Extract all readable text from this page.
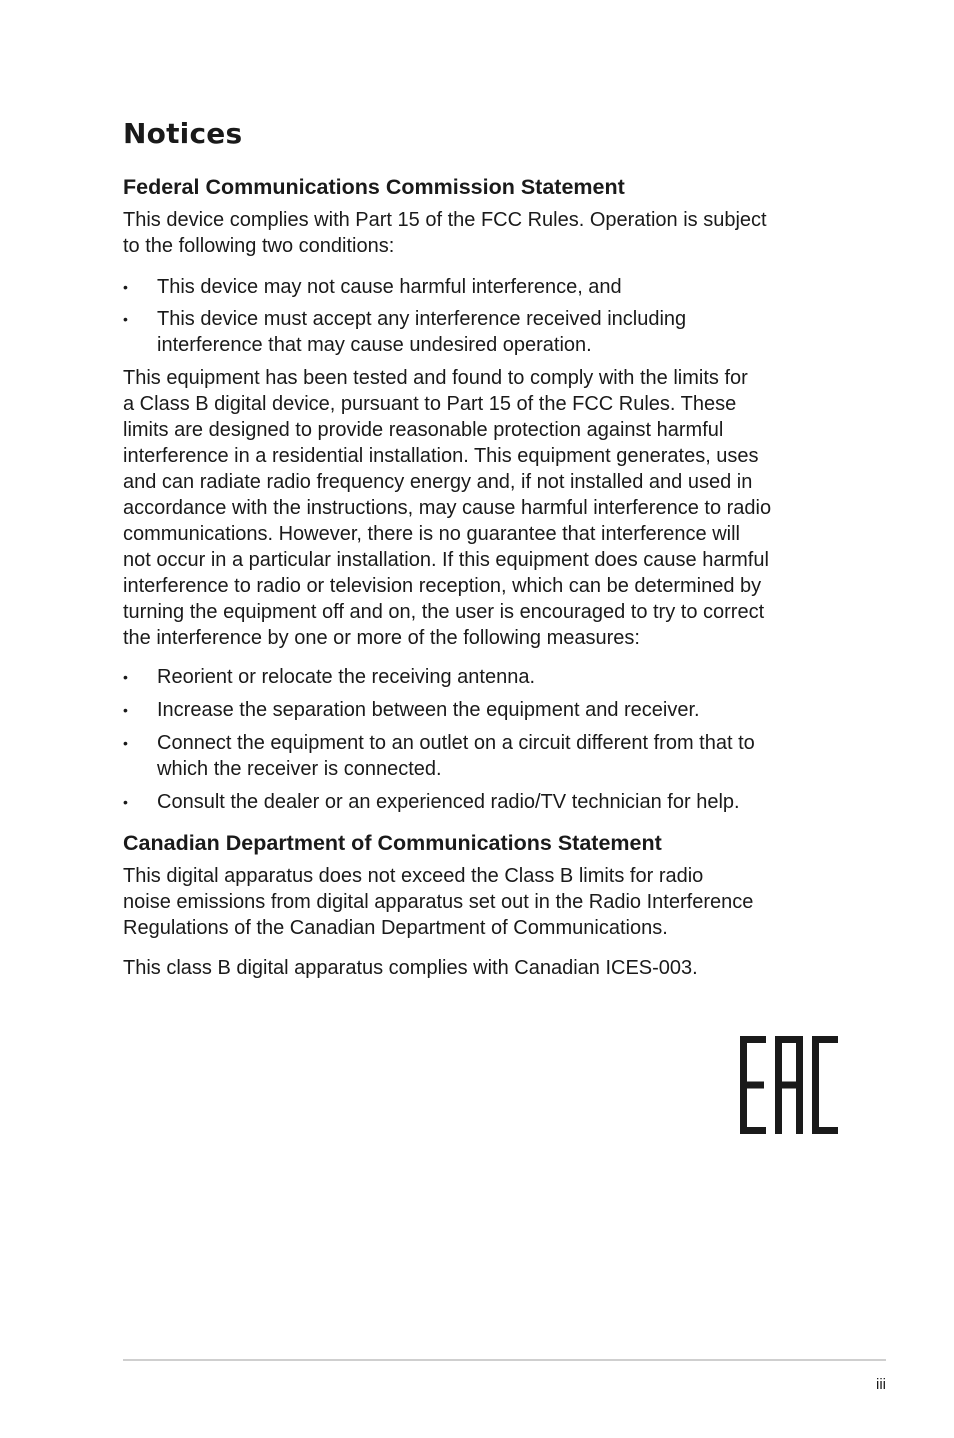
Notices
Federal Communications Commission Statement

This device complies with Part 15 of the FCC Rules. Operation is subject
to the following two conditions:

•	This device may not cause harmful interference, and
•	This device must accept any interference received including
interference that may cause undesired operation.

This equipment has been tested and found to comply with the limits for
a Class B digital device, pursuant to Part 15 of the FCC Rules. These
limits are designed to provide reasonable protection against harmful
interference in a residential installation. This equipment generates, uses
and can radiate radio frequency energy and, if not installed and used in
accordance with the instructions, may cause harmful interference to radio
communications. However, there is no guarantee that interference will
not occur in a particular installation. If this equipment does cause harmful
interference to radio or television reception, which can be determined by
turning the equipment off and on, the user is encouraged to try to correct
the interference by one or more of the following measures:

•	Reorient or relocate the receiving antenna.
•	Increase the separation between the equipment and receiver.
•	Connect the equipment to an outlet on a circuit different from that to
which the receiver is connected.
•	Consult the dealer or an experienced radio/TV technician for help.
Canadian Department of Communications Statement

This digital apparatus does not exceed the Class B limits for radio
noise emissions from digital apparatus set out in the Radio Interference
Regulations of the Canadian Department of Communications.

This class B digital apparatus complies with Canadian ICES-003.

iii
